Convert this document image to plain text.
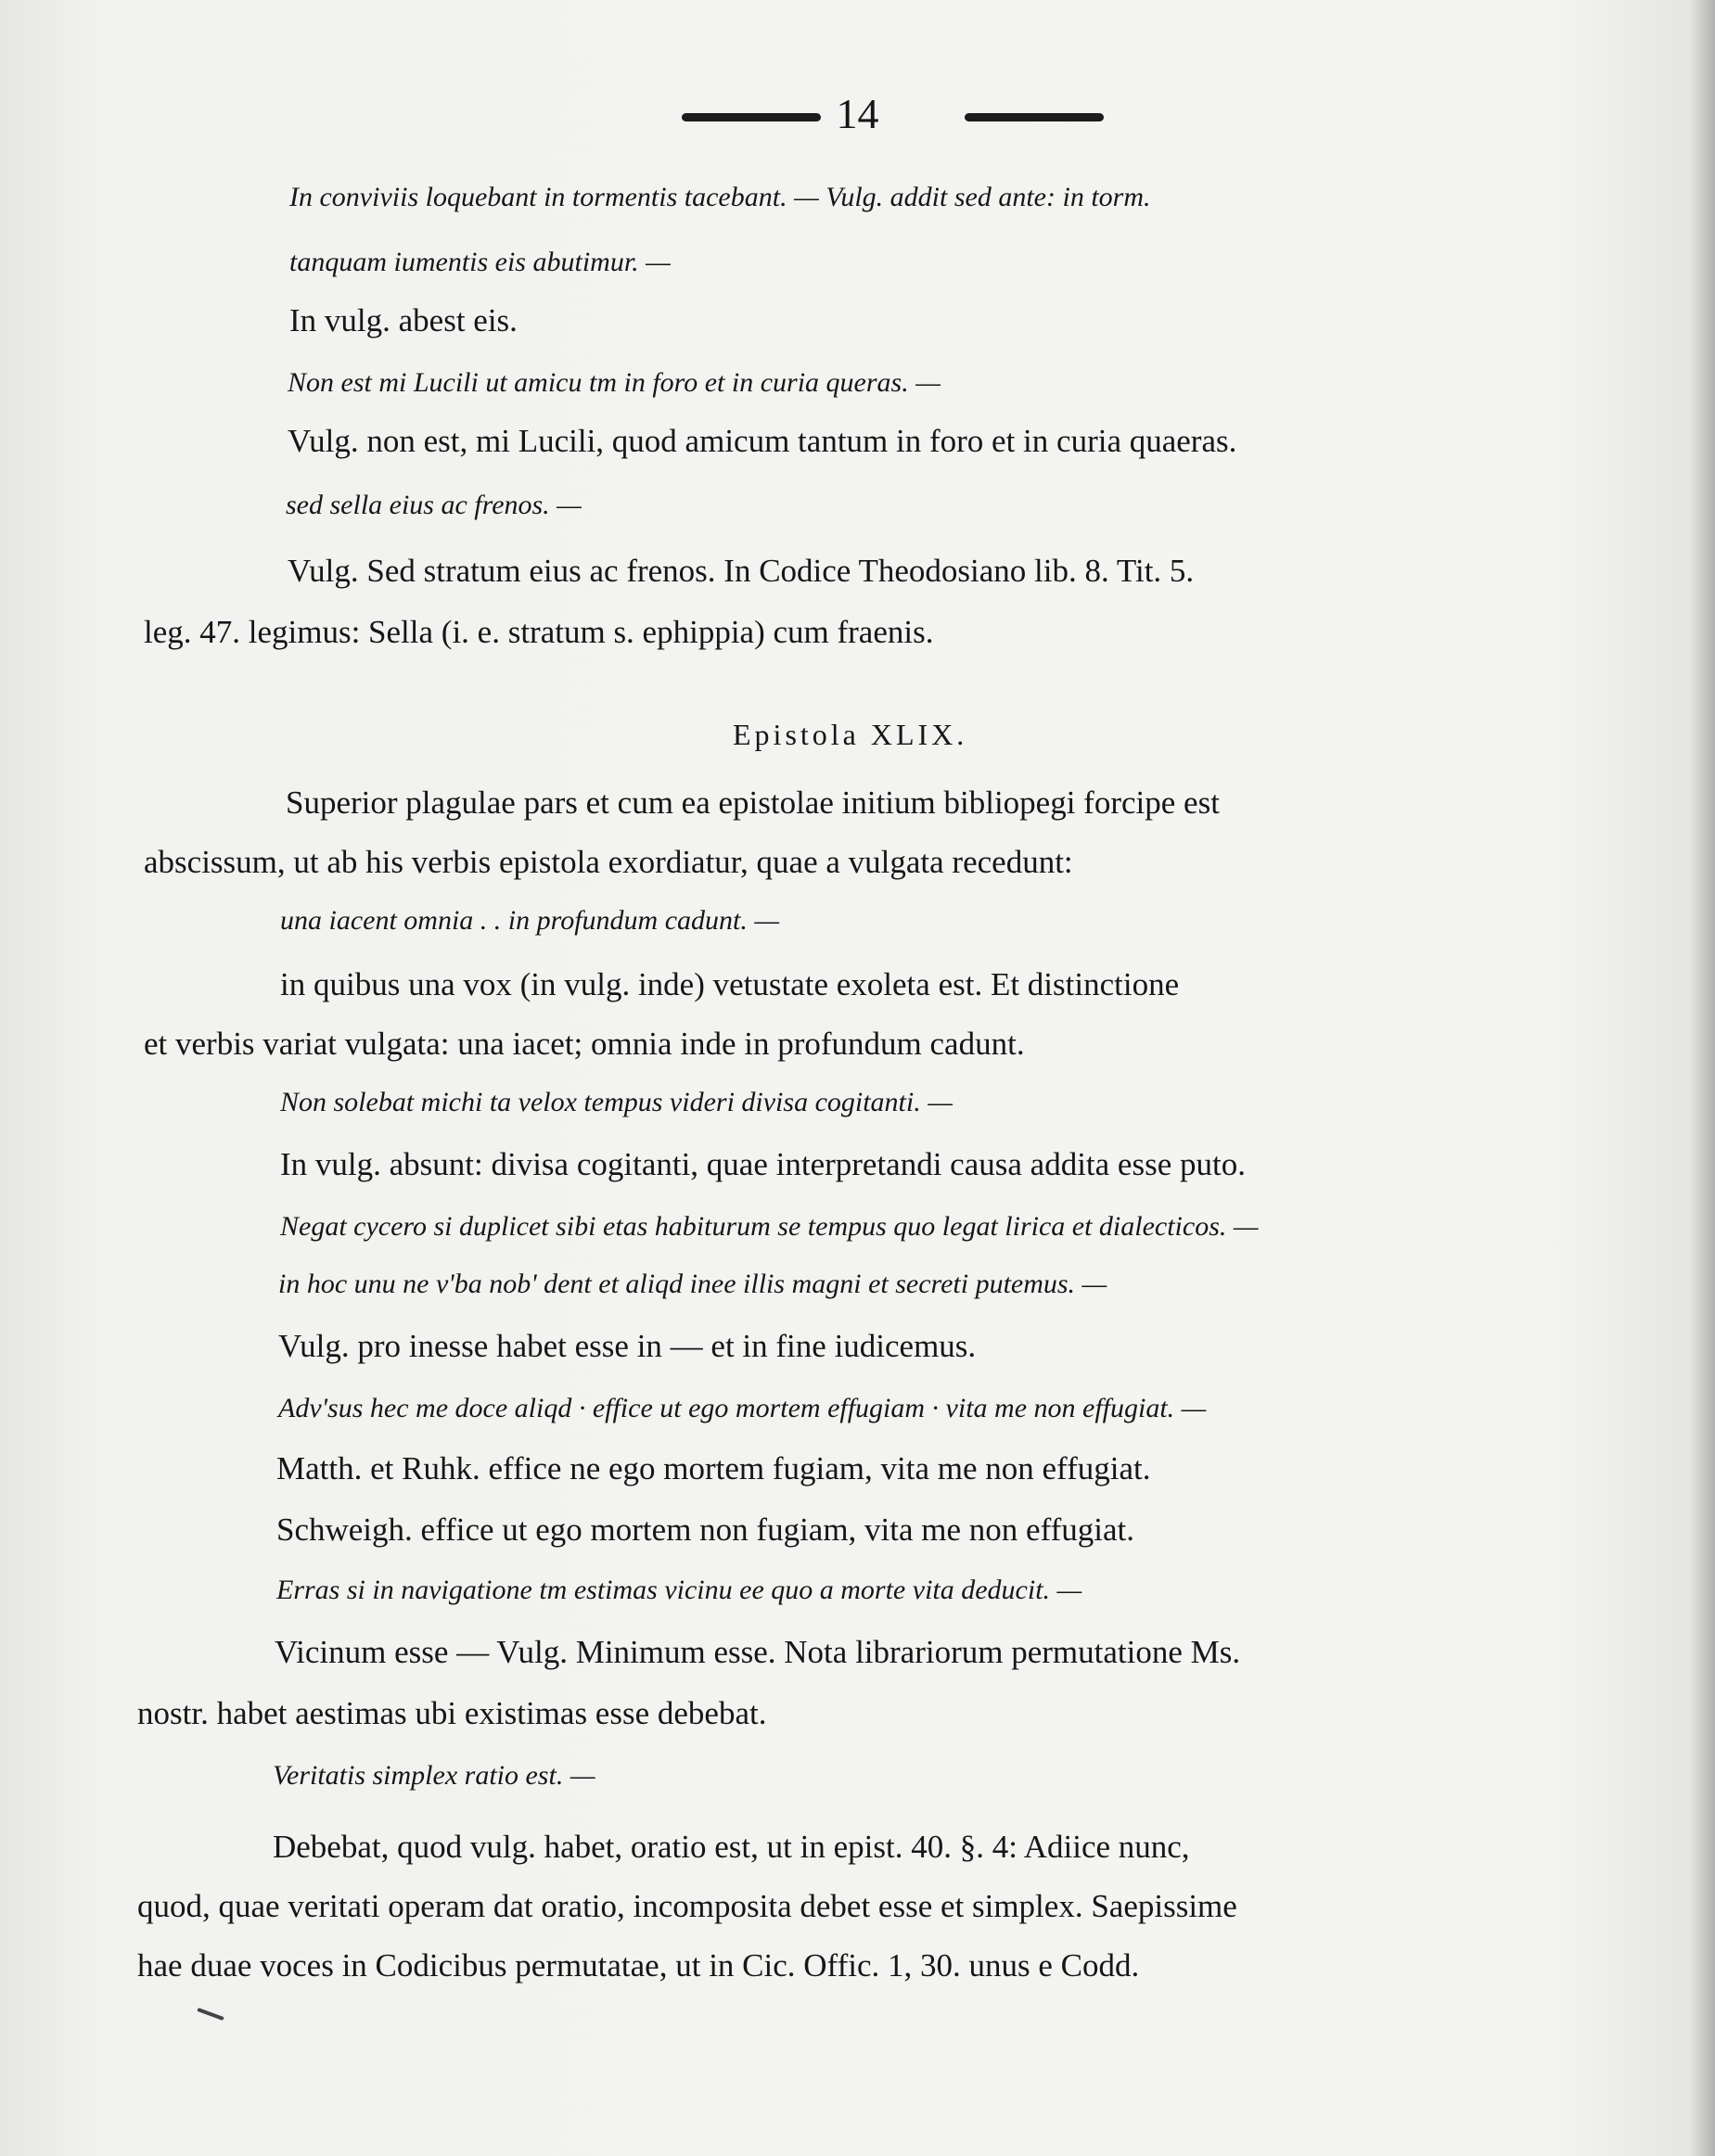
14
In conviviis loquebant in tormentis tacebant. — Vulg. addit sed ante: in torm.
tanquam iumentis eis abutimur. —
In vulg. abest eis.
Non est mi Lucili ut amicu tm in foro et in curia queras. —
Vulg. non est, mi Lucili, quod amicum tantum in foro et in curia quaeras.
sed sella eius ac frenos. —
Vulg. Sed stratum eius ac frenos. In Codice Theodosiano lib. 8. Tit. 5.
leg. 47. legimus: Sella (i. e. stratum s. ephippia) cum fraenis.
Epistola XLIX.
Superior plagulae pars et cum ea epistolae initium bibliopegi forcipe est
abscissum, ut ab his verbis epistola exordiatur, quae a vulgata recedunt:
una iacent omnia . . in profundum cadunt. —
in quibus una vox (in vulg. inde) vetustate exoleta est. Et distinctione
et verbis variat vulgata: una iacet; omnia inde in profundum cadunt.
Non solebat michi ta velox tempus videri divisa cogitanti. —
In vulg. absunt: divisa cogitanti, quae interpretandi causa addita esse puto.
Negat cycero si duplicet sibi etas habiturum se tempus quo legat lirica et dialecticos. —
in hoc unu ne v'ba nob' dent et aliqd inee illis magni et secreti putemus. —
Vulg. pro inesse habet esse in — et in fine iudicemus.
Adv'sus hec me doce aliqd · effice ut ego mortem effugiam · vita me non effugiat. —
Matth. et Ruhk. effice ne ego mortem fugiam, vita me non effugiat.
Schweigh. effice ut ego mortem non fugiam, vita me non effugiat.
Erras si in navigatione tm estimas vicinu ee quo a morte vita deducit. —
Vicinum esse — Vulg. Minimum esse. Nota librariorum permutatione Ms.
nostr. habet aestimas ubi existimas esse debebat.
Veritatis simplex ratio est. —
Debebat, quod vulg. habet, oratio est, ut in epist. 40. §. 4: Adiice nunc,
quod, quae veritati operam dat oratio, incomposita debet esse et simplex. Saepissime
hae duae voces in Codicibus permutatae, ut in Cic. Offic. 1, 30. unus e Codd.
